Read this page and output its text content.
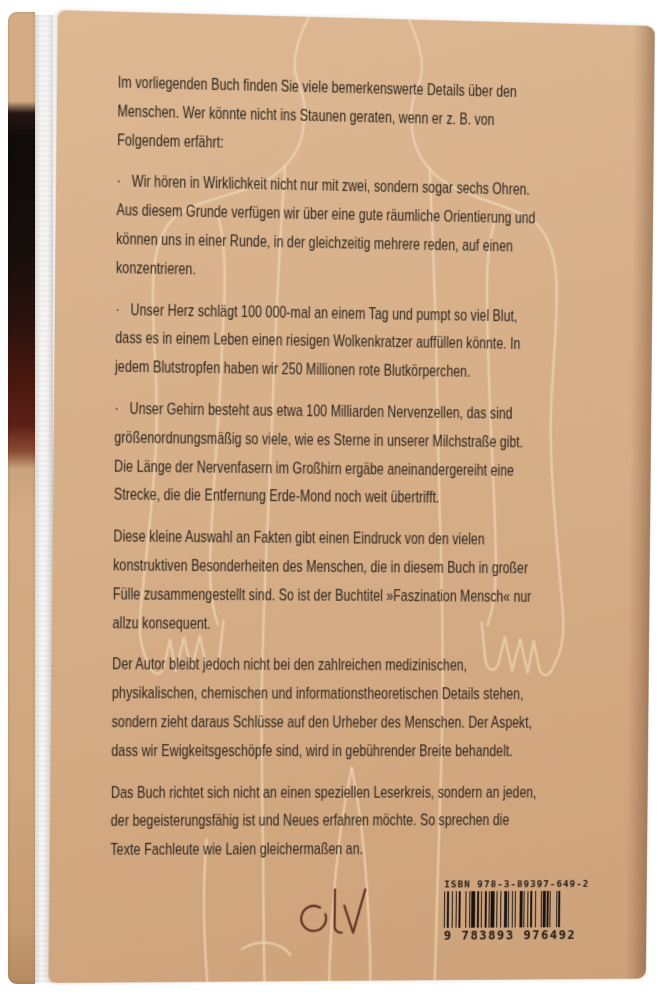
Im vorliegenden Buch finden Sie viele bemerkenswerte Details über den
Menschen. Wer könnte nicht ins Staunen geraten, wenn er z. B. von
Folgendem erfährt:
·   Wir hören in Wirklichkeit nicht nur mit zwei, sondern sogar sechs Ohren.
Aus diesem Grunde verfügen wir über eine gute räumliche Orientierung und
können uns in einer Runde, in der gleichzeitig mehrere reden, auf einen
konzentrieren.
·   Unser Herz schlägt 100 000-mal an einem Tag und pumpt so viel Blut,
dass es in einem Leben einen riesigen Wolkenkratzer auffüllen könnte. In
jedem Blutstropfen haben wir 250 Millionen rote Blutkörperchen.
·   Unser Gehirn besteht aus etwa 100 Milliarden Nervenzellen, das sind
größenordnungsmäßig so viele, wie es Sterne in unserer Milchstraße gibt.
Die Länge der Nervenfasern im Großhirn ergäbe aneinandergereiht eine
Strecke, die die Entfernung Erde-Mond noch weit übertrifft.
Diese kleine Auswahl an Fakten gibt einen Eindruck von den vielen
konstruktiven Besonderheiten des Menschen, die in diesem Buch in großer
Fülle zusammengestellt sind. So ist der Buchtitel »Faszination Mensch« nur
allzu konsequent.
Der Autor bleibt jedoch nicht bei den zahlreichen medizinischen,
physikalischen, chemischen und informationstheoretischen Details stehen,
sondern zieht daraus Schlüsse auf den Urheber des Menschen. Der Aspekt,
dass wir Ewigkeitsgeschöpfe sind, wird in gebührender Breite behandelt.
Das Buch richtet sich nicht an einen speziellen Leserkreis, sondern an jeden,
der begeisterungsfähig ist und Neues erfahren möchte. So sprechen die
Texte Fachleute wie Laien gleichermaßen an.
ISBN 978-3-89397-649-2
9 783893 976492
